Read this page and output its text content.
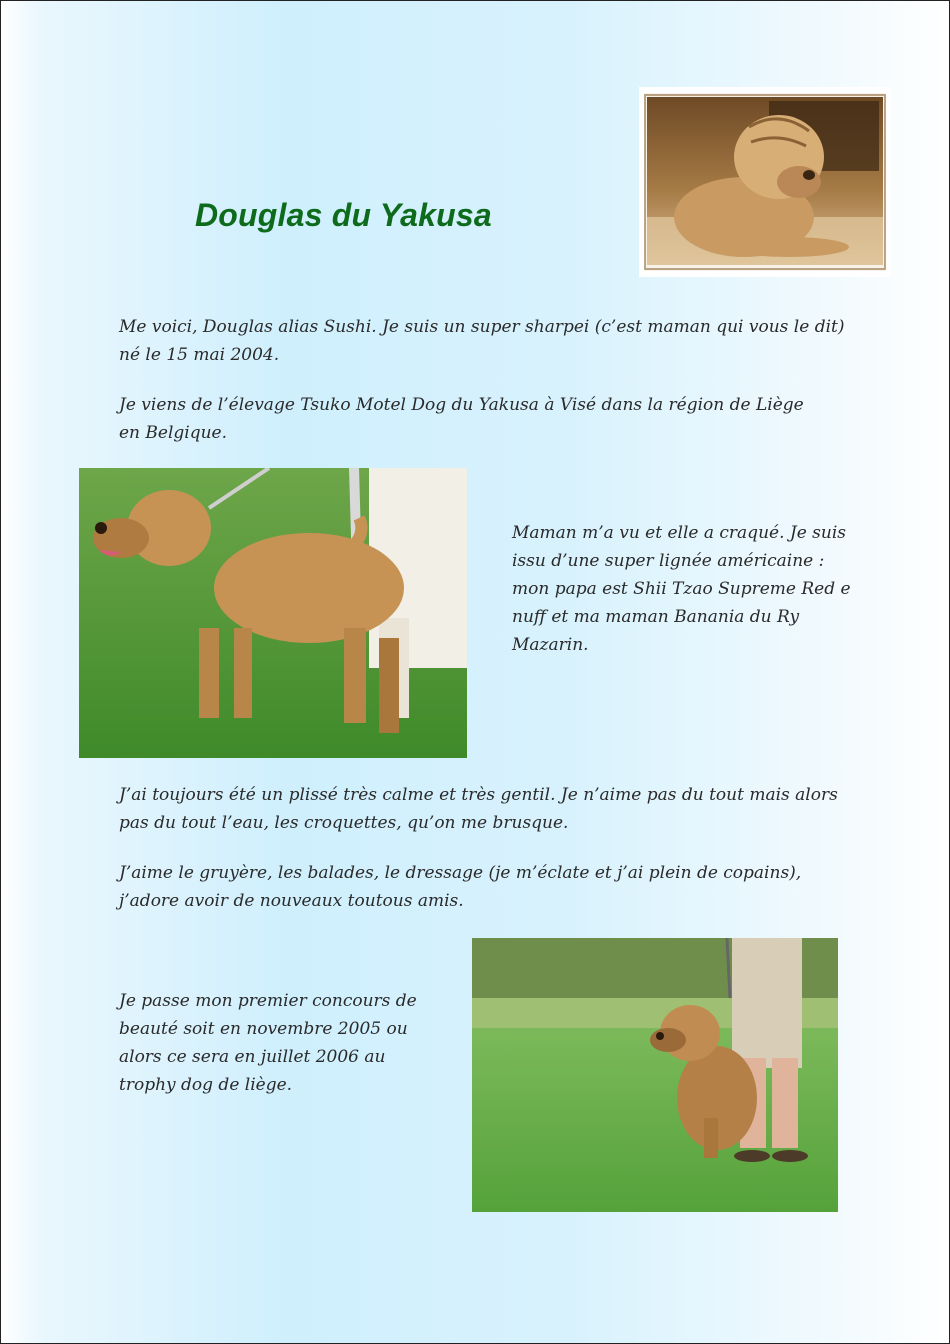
Douglas du Yakusa

Me voici, Douglas alias Sushi. Je suis un super sharpei (c’est maman qui vous le dit) né le 15 mai 2004.

Je viens de l’élevage Tsuko Motel Dog du Yakusa à Visé dans la région de Liège en Belgique.

Maman m’a vu et elle a craqué. Je suis issu d’une super lignée américaine : mon papa est Shii Tzao Supreme Red e nuff et ma maman Banania du Ry Mazarin.

J’ai toujours été un plissé très calme et très gentil. Je n’aime pas du tout mais alors pas du tout l’eau, les croquettes, qu’on me brusque.

J’aime le gruyère, les balades, le dressage (je m’éclate et j’ai plein de copains), j’adore avoir de nouveaux toutous amis.

Je passe mon premier concours de beauté soit en novembre 2005 ou alors ce sera en juillet 2006 au trophy dog de liège.
